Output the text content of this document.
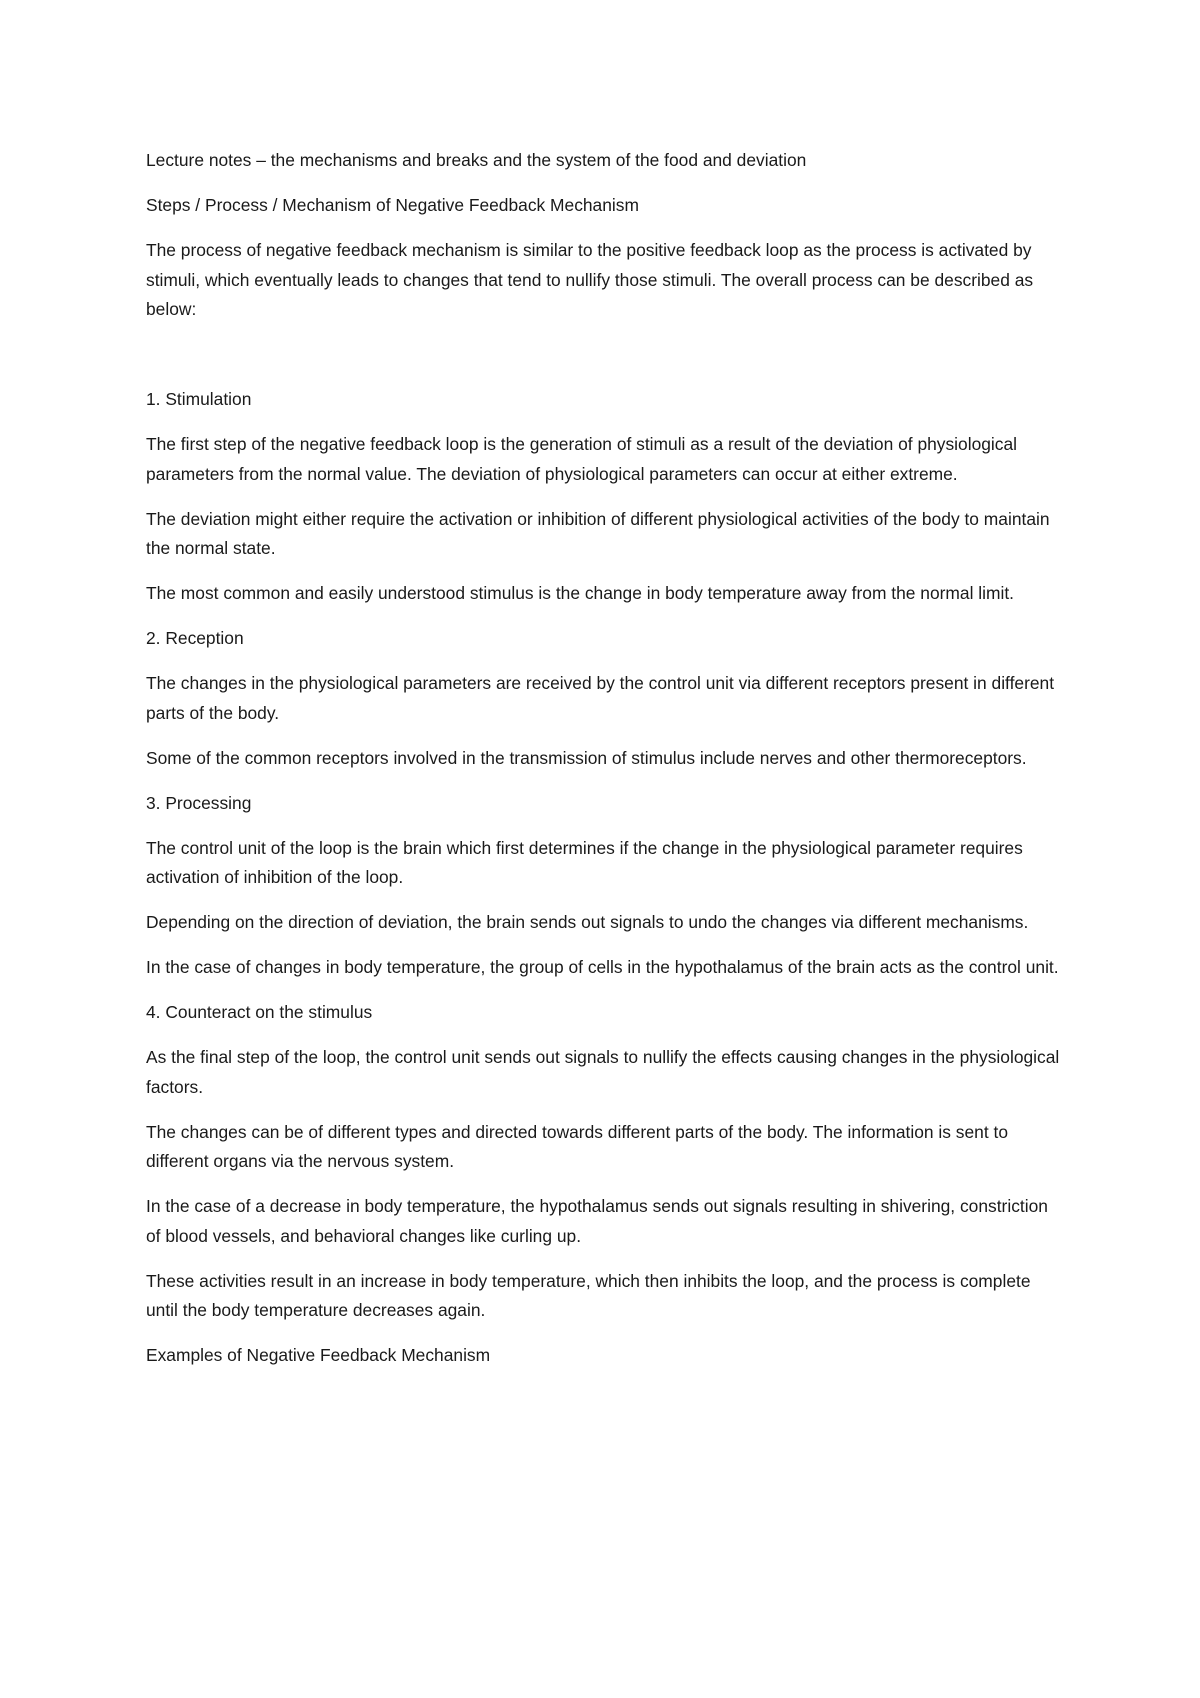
Lecture notes – the mechanisms and breaks and the system of the food and deviation

Steps / Process / Mechanism of Negative Feedback Mechanism

The process of negative feedback mechanism is similar to the positive feedback loop as the process is activated by stimuli, which eventually leads to changes that tend to nullify those stimuli. The overall process can be described as below:

1. Stimulation

The first step of the negative feedback loop is the generation of stimuli as a result of the deviation of physiological parameters from the normal value. The deviation of physiological parameters can occur at either extreme.

The deviation might either require the activation or inhibition of different physiological activities of the body to maintain the normal state.

The most common and easily understood stimulus is the change in body temperature away from the normal limit.

2. Reception

The changes in the physiological parameters are received by the control unit via different receptors present in different parts of the body.

Some of the common receptors involved in the transmission of stimulus include nerves and other thermoreceptors.

3. Processing

The control unit of the loop is the brain which first determines if the change in the physiological parameter requires activation of inhibition of the loop.

Depending on the direction of deviation, the brain sends out signals to undo the changes via different mechanisms.

In the case of changes in body temperature, the group of cells in the hypothalamus of the brain acts as the control unit.

4. Counteract on the stimulus

As the final step of the loop, the control unit sends out signals to nullify the effects causing changes in the physiological factors.

The changes can be of different types and directed towards different parts of the body. The information is sent to different organs via the nervous system.

In the case of a decrease in body temperature, the hypothalamus sends out signals resulting in shivering, constriction of blood vessels, and behavioral changes like curling up.

These activities result in an increase in body temperature, which then inhibits the loop, and the process is complete until the body temperature decreases again.

Examples of Negative Feedback Mechanism
